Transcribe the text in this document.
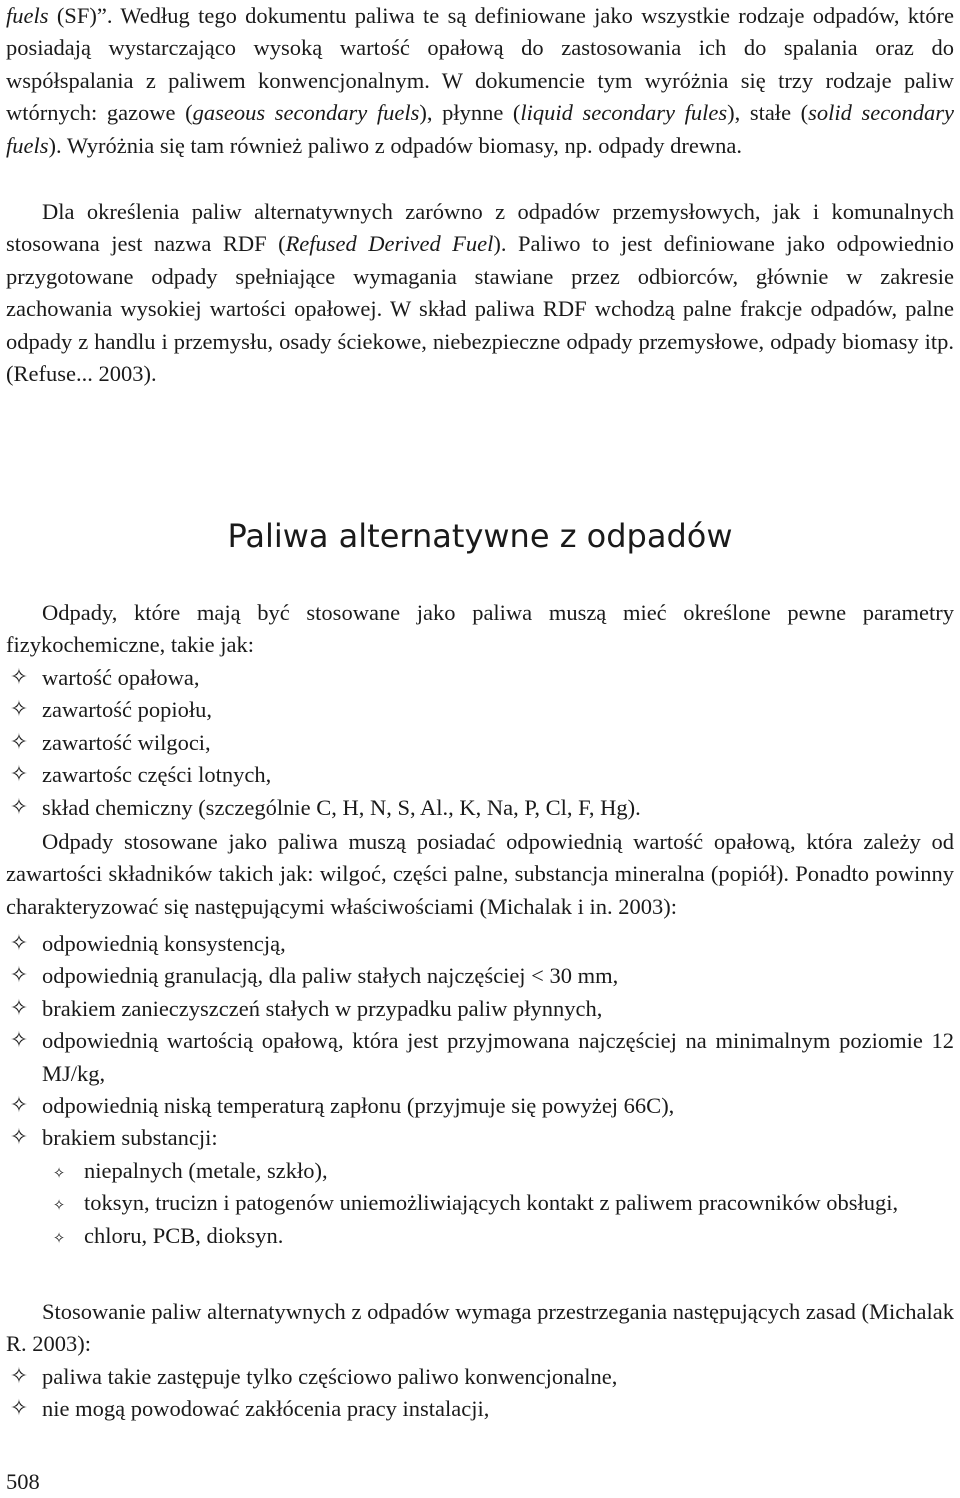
fuels (SF)”. Według tego dokumentu paliwa te są definiowane jako wszystkie rodzaje odpadów, które posiadają wystarczająco wysoką wartość opałową do zastosowania ich do spalania oraz do współspalania z paliwem konwencjonalnym. W dokumencie tym wyróżnia się trzy rodzaje paliw wtórnych: gazowe (gaseous secondary fuels), płynne (liquid secondary fules), stałe (solid secondary fuels). Wyróżnia się tam również paliwo z odpadów biomasy, np. odpady drewna.

Dla określenia paliw alternatywnych zarówno z odpadów przemysłowych, jak i komunalnych stosowana jest nazwa RDF (Refused Derived Fuel). Paliwo to jest definiowane jako odpowiednio przygotowane odpady spełniające wymagania stawiane przez odbiorców, głównie w zakresie zachowania wysokiej wartości opałowej. W skład paliwa RDF wchodzą palne frakcje odpadów, palne odpady z handlu i przemysłu, osady ściekowe, niebezpieczne odpady przemysłowe, odpady biomasy itp. (Refuse... 2003).

Paliwa alternatywne z odpadów

Odpady, które mają być stosowane jako paliwa muszą mieć określone pewne parametry fizykochemiczne, takie jak:

✧ wartość opałowa,
✧ zawartość popiołu,
✧ zawartość wilgoci,
✧ zawartośc części lotnych,
✧ skład chemiczny (szczególnie C, H, N, S, Al., K, Na, P, Cl, F, Hg).

Odpady stosowane jako paliwa muszą posiadać odpowiednią wartość opałową, która zależy od zawartości składników takich jak: wilgoć, części palne, substancja mineralna (popiół). Ponadto powinny charakteryzować się następującymi właściwościami (Michalak i in. 2003):

✧ odpowiednią konsystencją,
✧ odpowiednią granulacją, dla paliw stałych najczęściej < 30 mm,
✧ brakiem zanieczyszczeń stałych w przypadku paliw płynnych,
✧ odpowiednią wartością opałową, która jest przyjmowana najczęściej na minimalnym poziomie 12 MJ/kg,
✧ odpowiednią niską temperaturą zapłonu (przyjmuje się powyżej 66C),
✧ brakiem substancji:
✧ niepalnych (metale, szkło),
✧ toksyn, trucizn i patogenów uniemożliwiających kontakt z paliwem pracowników obsługi,
✧ chloru, PCB, dioksyn.

Stosowanie paliw alternatywnych z odpadów wymaga przestrzegania następujących zasad (Michalak R. 2003):

✧ paliwa takie zastępuje tylko częściowo paliwo konwencjonalne,
✧ nie mogą powodować zakłócenia pracy instalacji,
508
